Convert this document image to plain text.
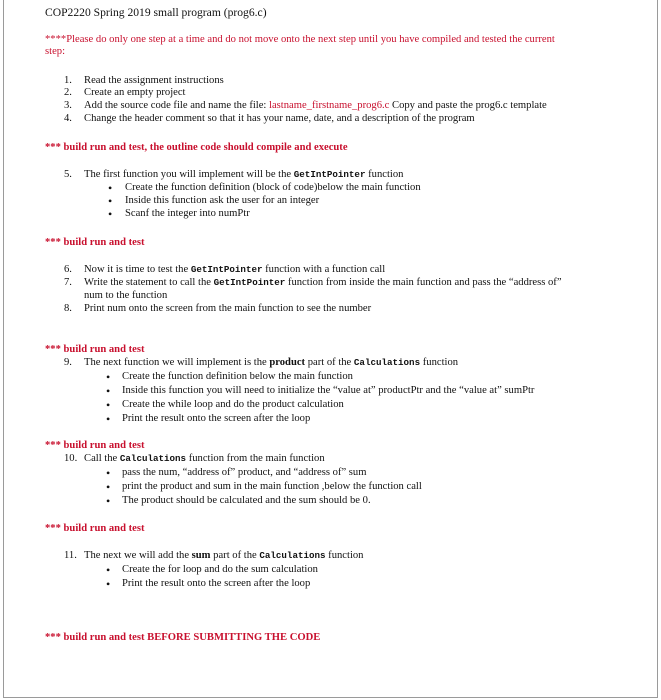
COP2220 Spring 2019 small program (prog6.c)
****Please do only one step at a time and do not move onto the next step until you have compiled and tested the current
step:
1. Read the assignment instructions
2. Create an empty project
3. Add the source code file and name the file: lastname_firstname_prog6.c Copy and paste the prog6.c template
4. Change the header comment so that it has your name, date, and a description of the program
*** build run and test, the outline code should compile and execute
5. The first function you will implement will be the GetIntPointer function
• Create the function definition (block of code)below the main function
• Inside this function ask the user for an integer
• Scanf the integer into numPtr
*** build run and test
6. Now it is time to test the GetIntPointer function with a function call
7. Write the statement to call the GetIntPointer function from inside the main function and pass the “address of”
num to the function
8. Print num onto the screen from the main function to see the number
*** build run and test
9. The next function we will implement is the product part of the Calculations function
• Create the function definition below the main function
• Inside this function you will need to initialize the “value at” productPtr and the “value at” sumPtr
• Create the while loop and do the product calculation
• Print the result onto the screen after the loop
*** build run and test
10. Call the Calculations function from the main function
• pass the num, “address of” product, and “address of” sum
• print the product and sum in the main function ,below the function call
• The product should be calculated and the sum should be 0.
*** build run and test
11. The next we will add the sum part of the Calculations function
• Create the for loop and do the sum calculation
• Print the result onto the screen after the loop
*** build run and test BEFORE SUBMITTING THE CODE
